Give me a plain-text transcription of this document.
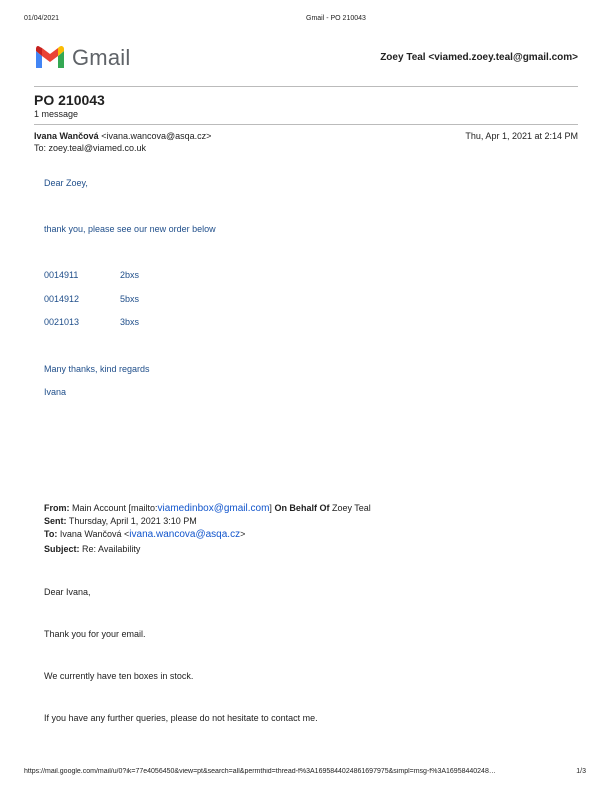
01/04/2021	Gmail - PO 210043
Gmail	Zoey Teal <viamed.zoey.teal@gmail.com>
PO 210043
1 message
Ivana Wančová <ivana.wancova@asqa.cz>	Thu, Apr 1, 2021 at 2:14 PM
To: zoey.teal@viamed.co.uk
Dear Zoey,
thank you, please see our new order below
0014911	2bxs
0014912	5bxs
0021013	3bxs
Many thanks, kind regards
Ivana
From: Main Account [mailto:viamedinbox@gmail.com] On Behalf Of Zoey Teal
Sent: Thursday, April 1, 2021 3:10 PM
To: Ivana Wančová <ivana.wancova@asqa.cz>
Subject: Re: Availability
Dear Ivana,
Thank you for your email.
We currently have ten boxes in stock.
If you have any further queries, please do not hesitate to contact me.
https://mail.google.com/mail/u/0?ik=77e4056450&view=pt&search=all&permthid=thread-f%3A1695844024861697975&simpl=msg-f%3A16958440248…	1/3
